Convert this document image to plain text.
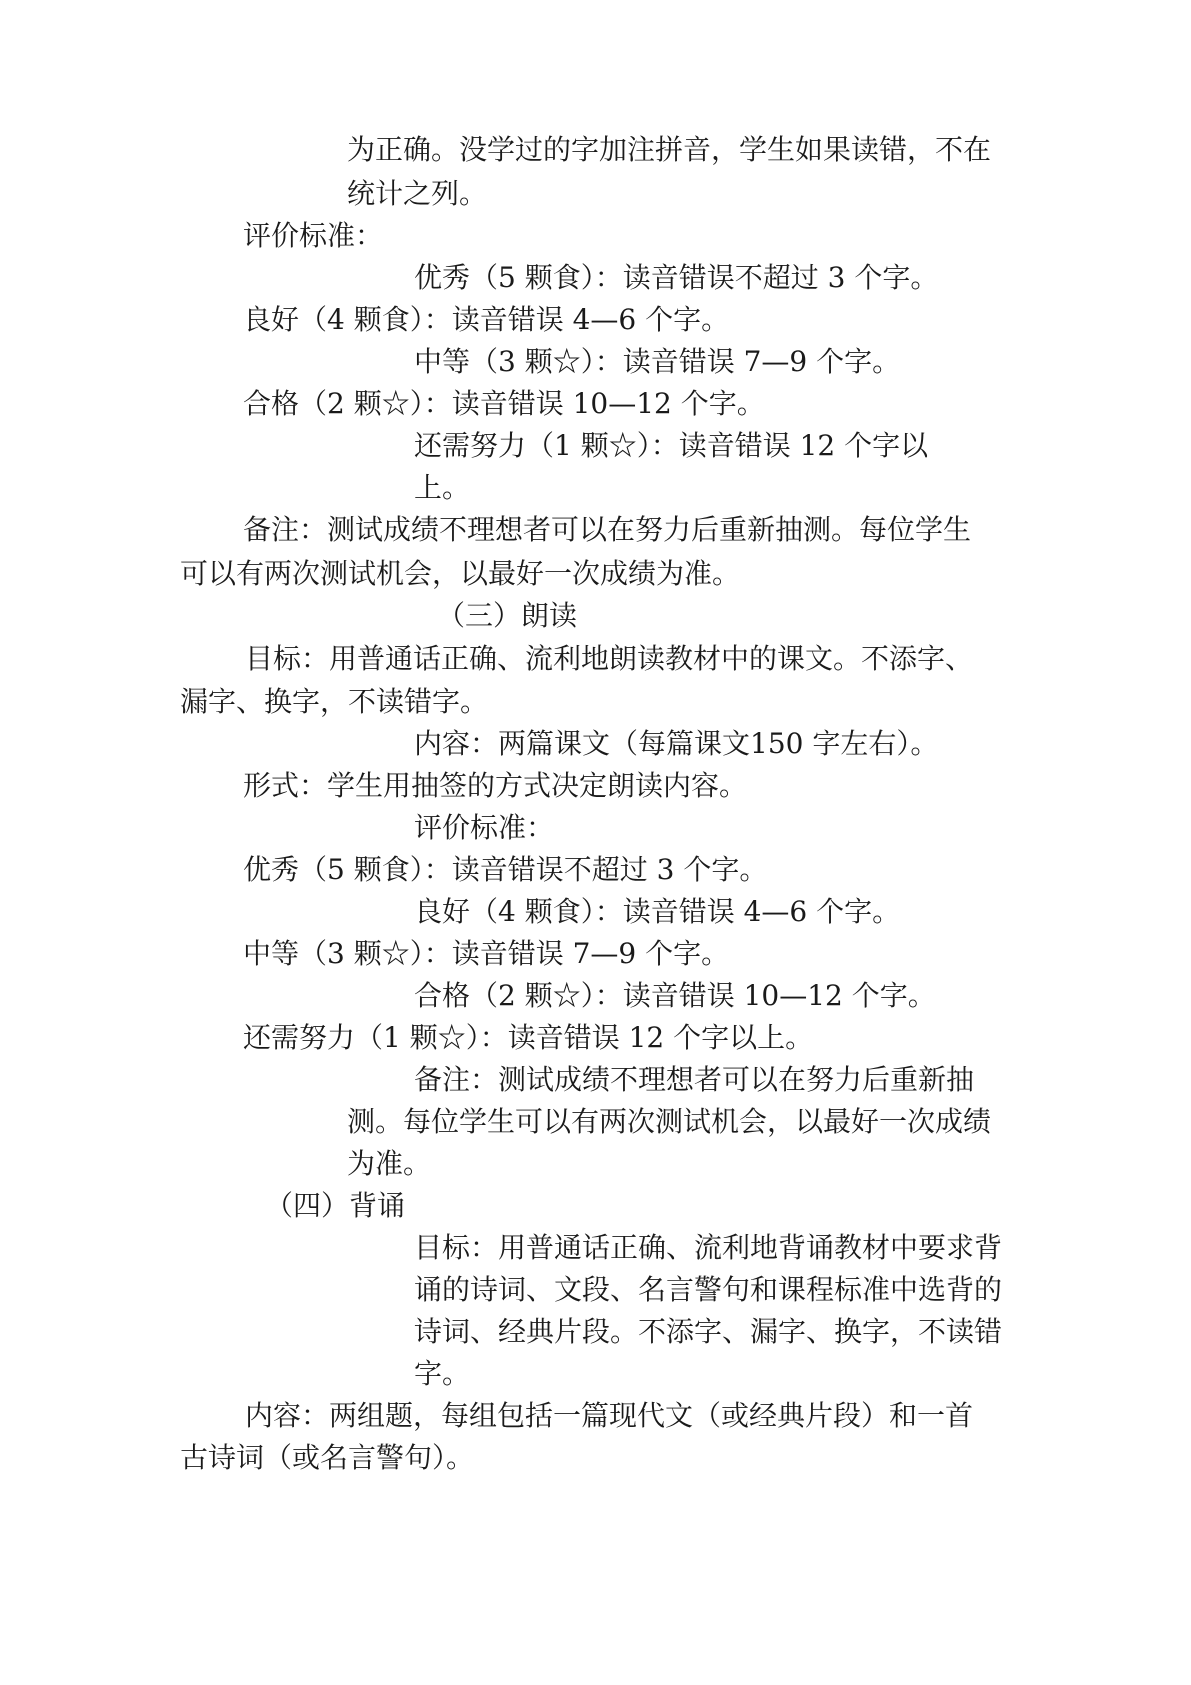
为正确。没学过的字加注拼音，学生如果读错，不在
统计之列。
评价标准：
优秀（5 颗食）：读音错误不超过 3 个字。
良好（4 颗食）：读音错误 4—6 个字。
中等（3 颗☆）：读音错误 7—9 个字。
合格（2 颗☆）：读音错误 10—12 个字。
还需努力（1 颗☆）：读音错误 12 个字以
上。
备注：测试成绩不理想者可以在努力后重新抽测。每位学生
可以有两次测试机会，以最好一次成绩为准。
（三）朗读
目标：用普通话正确、流利地朗读教材中的课文。不添字、
漏字、换字，不读错字。
内容：两篇课文（每篇课文150 字左右）。
形式：学生用抽签的方式决定朗读内容。
评价标准：
优秀（5 颗食）：读音错误不超过 3 个字。
良好（4 颗食）：读音错误 4—6 个字。
中等（3 颗☆）：读音错误 7—9 个字。
合格（2 颗☆）：读音错误 10—12 个字。
还需努力（1 颗☆）：读音错误 12 个字以上。
备注：测试成绩不理想者可以在努力后重新抽
测。每位学生可以有两次测试机会，以最好一次成绩
为准。
（四）背诵
目标：用普通话正确、流利地背诵教材中要求背
诵的诗词、文段、名言警句和课程标准中选背的
诗词、经典片段。不添字、漏字、换字，不读错
字。
内容：两组题，每组包括一篇现代文（或经典片段）和一首
古诗词（或名言警句）。
